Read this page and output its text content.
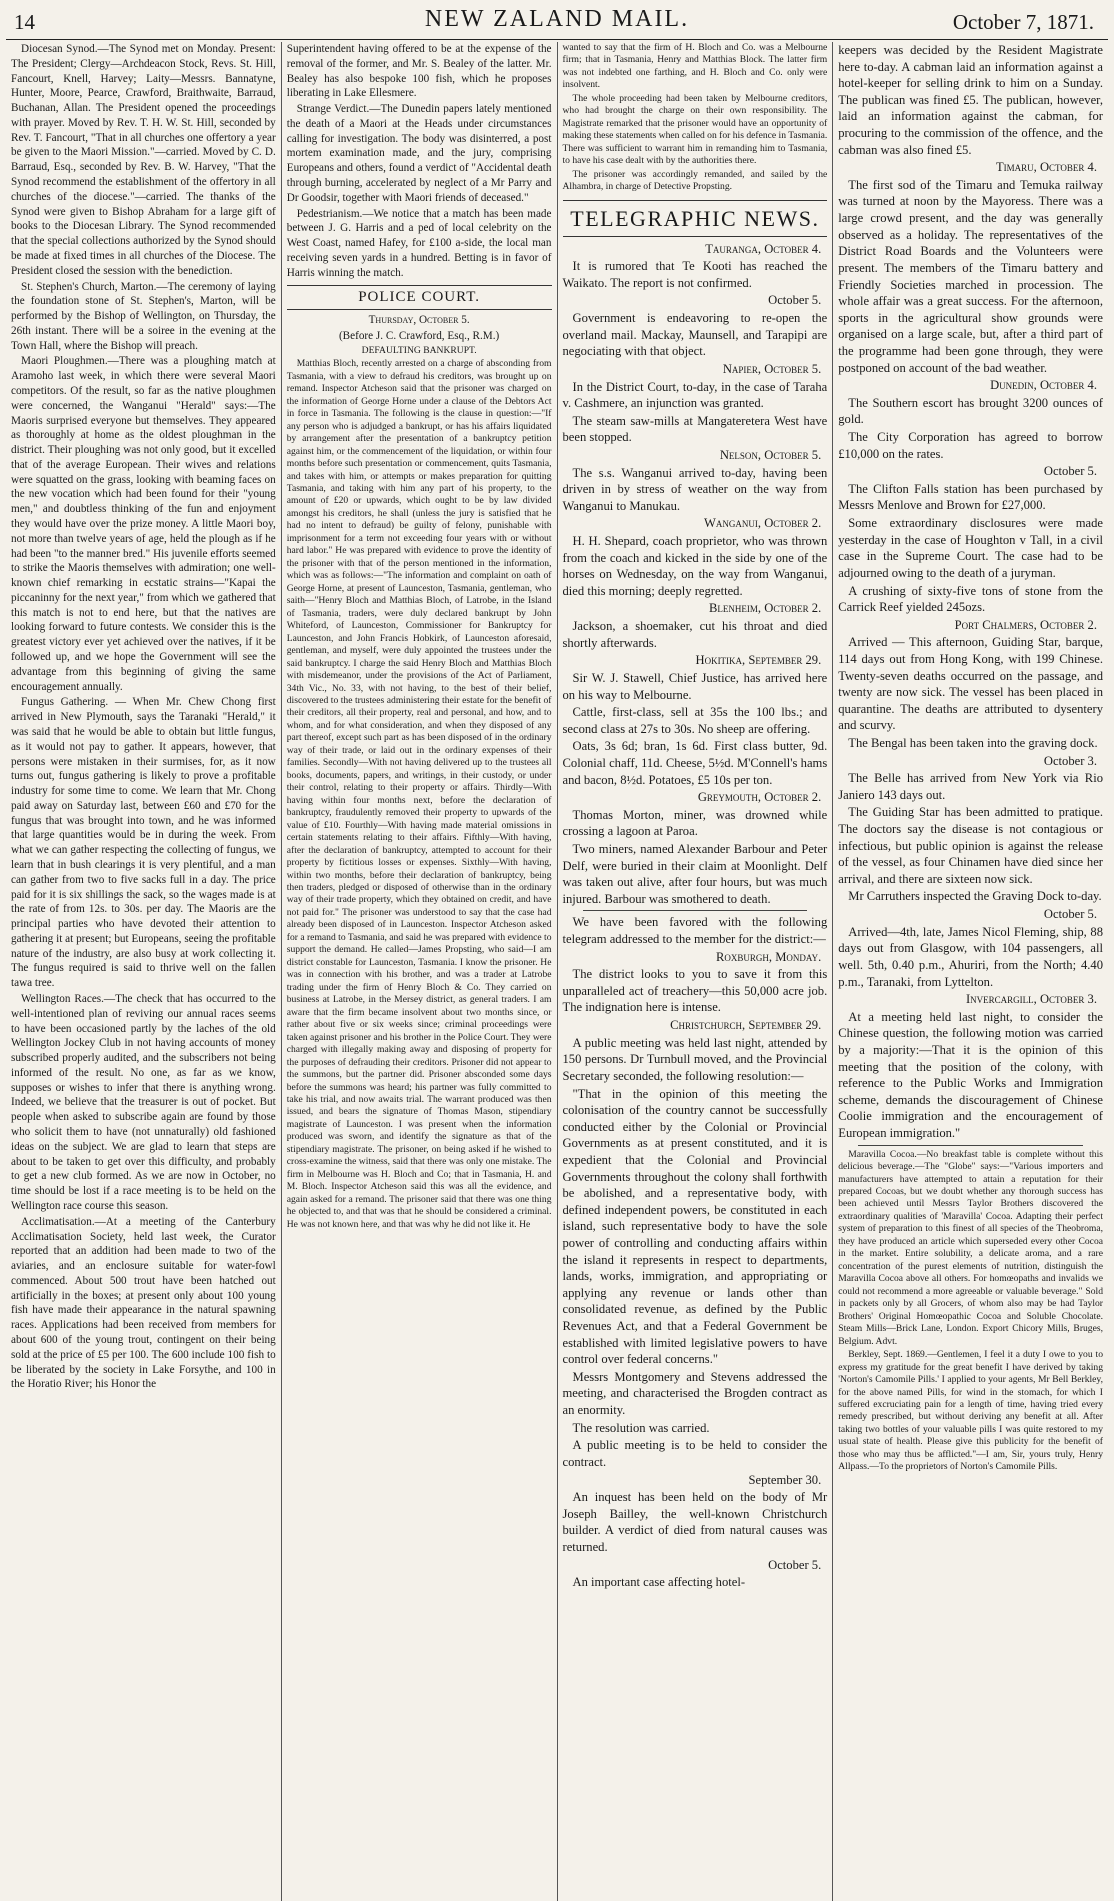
14	NEW ZALAND MAIL.	October 7, 1871.

Diocesan Synod.—The Synod met on Monday. Present: The President; Clergy—Archdeacon Stock, Revs. St. Hill, Fancourt, Knell, Harvey; Laity—Messrs. Bannatyne, Hunter, Moore, Pearce, Crawford, Braithwaite, Barraud, Buchanan, Allan. The President opened the proceedings with prayer. Moved by Rev. T. H. W. St. Hill, seconded by Rev. T. Fancourt, "That in all churches one offertory a year be given to the Maori Mission."—carried. Moved by C. D. Barraud, Esq., seconded by Rev. B. W. Harvey, "That the Synod recommend the establishment of the offertory in all churches of the diocese."—carried. The thanks of the Synod were given to Bishop Abraham for a large gift of books to the Diocesan Library. The Synod recommended that the special collections authorized by the Synod should be made at fixed times in all churches of the Diocese. The President closed the session with the benediction.

St. Stephen's Church, Marton.—The ceremony of laying the foundation stone of St. Stephen's, Marton, will be performed by the Bishop of Wellington, on Thursday, the 26th instant. There will be a soiree in the evening at the Town Hall, where the Bishop will preach.

Maori Ploughmen.—There was a ploughing match at Aramoho last week, in which there were several Maori competitors. Of the result, so far as the native ploughmen were concerned, the Wanganui "Herald" says:—The Maoris surprised everyone but themselves. They appeared as thoroughly at home as the oldest ploughman in the district. Their ploughing was not only good, but it excelled that of the average European. Their wives and relations were squatted on the grass, looking with beaming faces on the new vocation which had been found for their "young men," and doubtless thinking of the fun and enjoyment they would have over the prize money. A little Maori boy, not more than twelve years of age, held the plough as if he had been "to the manner bred." His juvenile efforts seemed to strike the Maoris themselves with admiration; one well-known chief remarking in ecstatic strains—"Kapai the piccaninny for the next year," from which we gathered that this match is not to end here, but that the natives are looking forward to future contests. We consider this is the greatest victory ever yet achieved over the natives, if it be followed up, and we hope the Government will see the advantage from this beginning of giving the same encouragement annually.

Fungus Gathering. — When Mr. Chew Chong first arrived in New Plymouth, says the Taranaki "Herald," it was said that he would be able to obtain but little fungus, as it would not pay to gather. It appears, however, that persons were mistaken in their surmises, for, as it now turns out, fungus gathering is likely to prove a profitable industry for some time to come. We learn that Mr. Chong paid away on Saturday last, between £60 and £70 for the fungus that was brought into town, and he was informed that large quantities would be in during the week. From what we can gather respecting the collecting of fungus, we learn that in bush clearings it is very plentiful, and a man can gather from two to five sacks full in a day. The price paid for it is six shillings the sack, so the wages made is at the rate of from 12s. to 30s. per day. The Maoris are the principal parties who have devoted their attention to gathering it at present; but Europeans, seeing the profitable nature of the industry, are also busy at work collecting it. The fungus required is said to thrive well on the fallen tawa tree.

Wellington Races.—The check that has occurred to the well-intentioned plan of reviving our annual races seems to have been occasioned partly by the laches of the old Wellington Jockey Club in not having accounts of money subscribed properly audited, and the subscribers not being informed of the result. No one, as far as we know, supposes or wishes to infer that there is anything wrong. Indeed, we believe that the treasurer is out of pocket. But people when asked to subscribe again are found by those who solicit them to have (not unnaturally) old fashioned ideas on the subject. We are glad to learn that steps are about to be taken to get over this difficulty, and probably to get a new club formed. As we are now in October, no time should be lost if a race meeting is to be held on the Wellington race course this season.

Acclimatisation.—At a meeting of the Canterbury Acclimatisation Society, held last week, the Curator reported that an addition had been made to two of the aviaries, and an enclosure suitable for water-fowl commenced. About 500 trout have been hatched out artificially in the boxes; at present only about 100 young fish have made their appearance in the natural spawning races. Applications had been received from members for about 600 of the young trout, contingent on their being sold at the price of £5 per 100. The 600 include 100 fish to be liberated by the society in Lake Forsythe, and 100 in the Horatio River; his Honor the

Superintendent having offered to be at the expense of the removal of the former, and Mr. S. Bealey of the latter. Mr. Bealey has also bespoke 100 fish, which he proposes liberating in Lake Ellesmere.

Strange Verdict.—The Dunedin papers lately mentioned the death of a Maori at the Heads under circumstances calling for investigation. The body was disinterred, a post mortem examination made, and the jury, comprising Europeans and others, found a verdict of "Accidental death through burning, accelerated by neglect of a Mr Parry and Dr Goodsir, together with Maori friends of deceased."

Pedestrianism.—We notice that a match has been made between J. G. Harris and a ped of local celebrity on the West Coast, named Hafey, for £100 a-side, the local man receiving seven yards in a hundred. Betting is in favor of Harris winning the match.

POLICE COURT.

Thursday, October 5.

(Before J. C. Crawford, Esq., R.M.)

DEFAULTING BANKRUPT.

Matthias Bloch, recently arrested on a charge of absconding from Tasmania, with a view to defraud his creditors, was brought up on remand. Inspector Atcheson said that the prisoner was charged on the information of George Horne under a clause of the Debtors Act in force in Tasmania. The following is the clause in question:—"If any person who is adjudged a bankrupt, or has his affairs liquidated by arrangement after the presentation of a bankruptcy petition against him, or the commencement of the liquidation, or within four months before such presentation or commencement, quits Tasmania, and takes with him, or attempts or makes preparation for quitting Tasmania, and taking with him any part of his property, to the amount of £20 or upwards, which ought to be by law divided amongst his creditors, he shall (unless the jury is satisfied that he had no intent to defraud) be guilty of felony, punishable with imprisonment for a term not exceeding four years with or without hard labor." He was prepared with evidence to prove the identity of the prisoner with that of the person mentioned in the information, which was as follows:—"The information and complaint on oath of George Horne, at present of Launceston, Tasmania, gentleman, who saith—"Henry Bloch and Matthias Bloch, of Latrobe, in the Island of Tasmania, traders, were duly declared bankrupt by John Whiteford, of Launceston, Commissioner for Bankruptcy for Launceston, and John Francis Hobkirk, of Launceston aforesaid, gentleman, and myself, were duly appointed the trustees under the said bankruptcy. I charge the said Henry Bloch and Matthias Bloch with misdemeanor, under the provisions of the Act of Parliament, 34th Vic., No. 33, with not having, to the best of their belief, discovered to the trustees administering their estate for the benefit of their creditors, all their property, real and personal, and how, and to whom, and for what consideration, and when they disposed of any part thereof, except such part as has been disposed of in the ordinary way of their trade, or laid out in the ordinary expenses of their families. Secondly—With not having delivered up to the trustees all books, documents, papers, and writings, in their custody, or under their control, relating to their property or affairs. Thirdly—With having within four months next, before the declaration of bankruptcy, fraudulently removed their property to upwards of the value of £10. Fourthly—With having made material omissions in certain statements relating to their affairs. Fifthly—With having, after the declaration of bankruptcy, attempted to account for their property by fictitious losses or expenses. Sixthly—With having, within two months, before their declaration of bankruptcy, being then traders, pledged or disposed of otherwise than in the ordinary way of their trade property, which they obtained on credit, and have not paid for." The prisoner was understood to say that the case had already been disposed of in Launceston. Inspector Atcheson asked for a remand to Tasmania, and said he was prepared with evidence to support the demand. He called—James Propsting, who said—I am district constable for Launceston, Tasmania. I know the prisoner. He was in connection with his brother, and was a trader at Latrobe trading under the firm of Henry Bloch & Co. They carried on business at Latrobe, in the Mersey district, as general traders. I am aware that the firm became insolvent about two months since, or rather about five or six weeks since; criminal proceedings were taken against prisoner and his brother in the Police Court. They were charged with illegally making away and disposing of property for the purposes of defrauding their creditors. Prisoner did not appear to the summons, but the partner did. Prisoner absconded some days before the summons was heard; his partner was fully committed to take his trial, and now awaits trial. The warrant produced was then issued, and bears the signature of Thomas Mason, stipendiary magistrate of Launceston. I was present when the information produced was sworn, and identify the signature as that of the stipendiary magistrate. The prisoner, on being asked if he wished to cross-examine the witness, said that there was only one mistake. The firm in Melbourne was H. Bloch and Co; that in Tasmania, H. and M. Bloch. Inspector Atcheson said this was all the evidence, and again asked for a remand. The prisoner said that there was one thing he objected to, and that was that he should be considered a criminal. He was not known here, and that was why he did not like it. He

wanted to say that the firm of H. Bloch and Co. was a Melbourne firm; that in Tasmania, Henry and Matthias Block. The latter firm was not indebted one farthing, and H. Bloch and Co. only were insolvent.

The whole proceeding had been taken by Melbourne creditors, who had brought the charge on their own responsibility. The Magistrate remarked that the prisoner would have an opportunity of making these statements when called on for his defence in Tasmania. There was sufficient to warrant him in remanding him to Tasmania, to have his case dealt with by the authorities there.

The prisoner was accordingly remanded, and sailed by the Alhambra, in charge of Detective Propsting.

TELEGRAPHIC NEWS.

Tauranga, October 4.

It is rumored that Te Kooti has reached the Waikato. The report is not confirmed.

October 5.

Government is endeavoring to re-open the overland mail. Mackay, Maunsell, and Tarapipi are negociating with that object.

Napier, October 5.

In the District Court, to-day, in the case of Taraha v. Cashmere, an injunction was granted.

The steam saw-mills at Mangateretera West have been stopped.

Nelson, October 5.

The s.s. Wanganui arrived to-day, having been driven in by stress of weather on the way from Wanganui to Manukau.

Wanganui, October 2.

H. H. Shepard, coach proprietor, who was thrown from the coach and kicked in the side by one of the horses on Wednesday, on the way from Wanganui, died this morning; deeply regretted.

Blenheim, October 2.

Jackson, a shoemaker, cut his throat and died shortly afterwards.

Hokitika, September 29.

Sir W. J. Stawell, Chief Justice, has arrived here on his way to Melbourne.

Cattle, first-class, sell at 35s the 100 lbs.; and second class at 27s to 30s. No sheep are offering.

Oats, 3s 6d; bran, 1s 6d. First class butter, 9d. Colonial chaff, 11d. Cheese, 5½d. M'Connell's hams and bacon, 8½d. Potatoes, £5 10s per ton.

Greymouth, October 2.

Thomas Morton, miner, was drowned while crossing a lagoon at Paroa.

Two miners, named Alexander Barbour and Peter Delf, were buried in their claim at Moonlight. Delf was taken out alive, after four hours, but was much injured. Barbour was smothered to death.

We have been favored with the following telegram addressed to the member for the district:—

Roxburgh, Monday.

The district looks to you to save it from this unparalleled act of treachery—this 50,000 acre job. The indignation here is intense.

Christchurch, September 29.

A public meeting was held last night, attended by 150 persons. Dr Turnbull moved, and the Provincial Secretary seconded, the following resolution:—

"That in the opinion of this meeting the colonisation of the country cannot be successfully conducted either by the Colonial or Provincial Governments as at present constituted, and it is expedient that the Colonial and Provincial Governments throughout the colony shall forthwith be abolished, and a representative body, with defined independent powers, be constituted in each island, such representative body to have the sole power of controlling and conducting affairs within the island it represents in respect to departments, lands, works, immigration, and appropriating or applying any revenue or lands other than consolidated revenue, as defined by the Public Revenues Act, and that a Federal Government be established with limited legislative powers to have control over federal concerns."

Messrs Montgomery and Stevens addressed the meeting, and characterised the Brogden contract as an enormity.

The resolution was carried.

A public meeting is to be held to consider the contract.

September 30.

An inquest has been held on the body of Mr Joseph Bailley, the well-known Christchurch builder. A verdict of died from natural causes was returned.

October 5.

An important case affecting hotel-

keepers was decided by the Resident Magistrate here to-day. A cabman laid an information against a hotel-keeper for selling drink to him on a Sunday. The publican was fined £5. The publican, however, laid an information against the cabman, for procuring to the commission of the offence, and the cabman was also fined £5.

Timaru, October 4.

The first sod of the Timaru and Temuka railway was turned at noon by the Mayoress. There was a large crowd present, and the day was generally observed as a holiday. The representatives of the District Road Boards and the Volunteers were present. The members of the Timaru battery and Friendly Societies marched in procession. The whole affair was a great success. For the afternoon, sports in the agricultural show grounds were organised on a large scale, but, after a third part of the programme had been gone through, they were postponed on account of the bad weather.

Dunedin, October 4.

The Southern escort has brought 3200 ounces of gold.

The City Corporation has agreed to borrow £10,000 on the rates.

October 5.

The Clifton Falls station has been purchased by Messrs Menlove and Brown for £27,000.

Some extraordinary disclosures were made yesterday in the case of Houghton v Tall, in a civil case in the Supreme Court. The case had to be adjourned owing to the death of a juryman.

A crushing of sixty-five tons of stone from the Carrick Reef yielded 245ozs.

Port Chalmers, October 2.

Arrived — This afternoon, Guiding Star, barque, 114 days out from Hong Kong, with 199 Chinese. Twenty-seven deaths occurred on the passage, and twenty are now sick. The vessel has been placed in quarantine. The deaths are attributed to dysentery and scurvy.

The Bengal has been taken into the graving dock.

October 3.

The Belle has arrived from New York via Rio Janiero 143 days out.

The Guiding Star has been admitted to pratique. The doctors say the disease is not contagious or infectious, but public opinion is against the release of the vessel, as four Chinamen have died since her arrival, and there are sixteen now sick.

Mr Carruthers inspected the Graving Dock to-day.

October 5.

Arrived—4th, late, James Nicol Fleming, ship, 88 days out from Glasgow, with 104 passengers, all well. 5th, 0.40 p.m., Ahuriri, from the North; 4.40 p.m., Taranaki, from Lyttelton.

Invercargill, October 3.

At a meeting held last night, to consider the Chinese question, the following motion was carried by a majority:—That it is the opinion of this meeting that the position of the colony, with reference to the Public Works and Immigration scheme, demands the discouragement of Chinese Coolie immigration and the encouragement of European immigration."

Maravilla Cocoa.—No breakfast table is complete without this delicious beverage.—The "Globe" says:—"Various importers and manufacturers have attempted to attain a reputation for their prepared Cocoas, but we doubt whether any thorough success has been achieved until Messrs Taylor Brothers discovered the extraordinary qualities of 'Maravilla' Cocoa. Adapting their perfect system of preparation to this finest of all species of the Theobroma, they have produced an article which superseded every other Cocoa in the market. Entire solubility, a delicate aroma, and a rare concentration of the purest elements of nutrition, distinguish the Maravilla Cocoa above all others. For homœopaths and invalids we could not recommend a more agreeable or valuable beverage." Sold in packets only by all Grocers, of whom also may be had Taylor Brothers' Original Homœopathic Cocoa and Soluble Chocolate. Steam Mills—Brick Lane, London. Export Chicory Mills, Bruges, Belgium. Advt.

Berkley, Sept. 1869.—Gentlemen, I feel it a duty I owe to you to express my gratitude for the great benefit I have derived by taking 'Norton's Camomile Pills.' I applied to your agents, Mr Bell Berkley, for the above named Pills, for wind in the stomach, for which I suffered excruciating pain for a length of time, having tried every remedy prescribed, but without deriving any benefit at all. After taking two bottles of your valuable pills I was quite restored to my usual state of health. Please give this publicity for the benefit of those who may thus be afflicted."—I am, Sir, yours truly, Henry Allpass.—To the proprietors of Norton's Camomile Pills.
